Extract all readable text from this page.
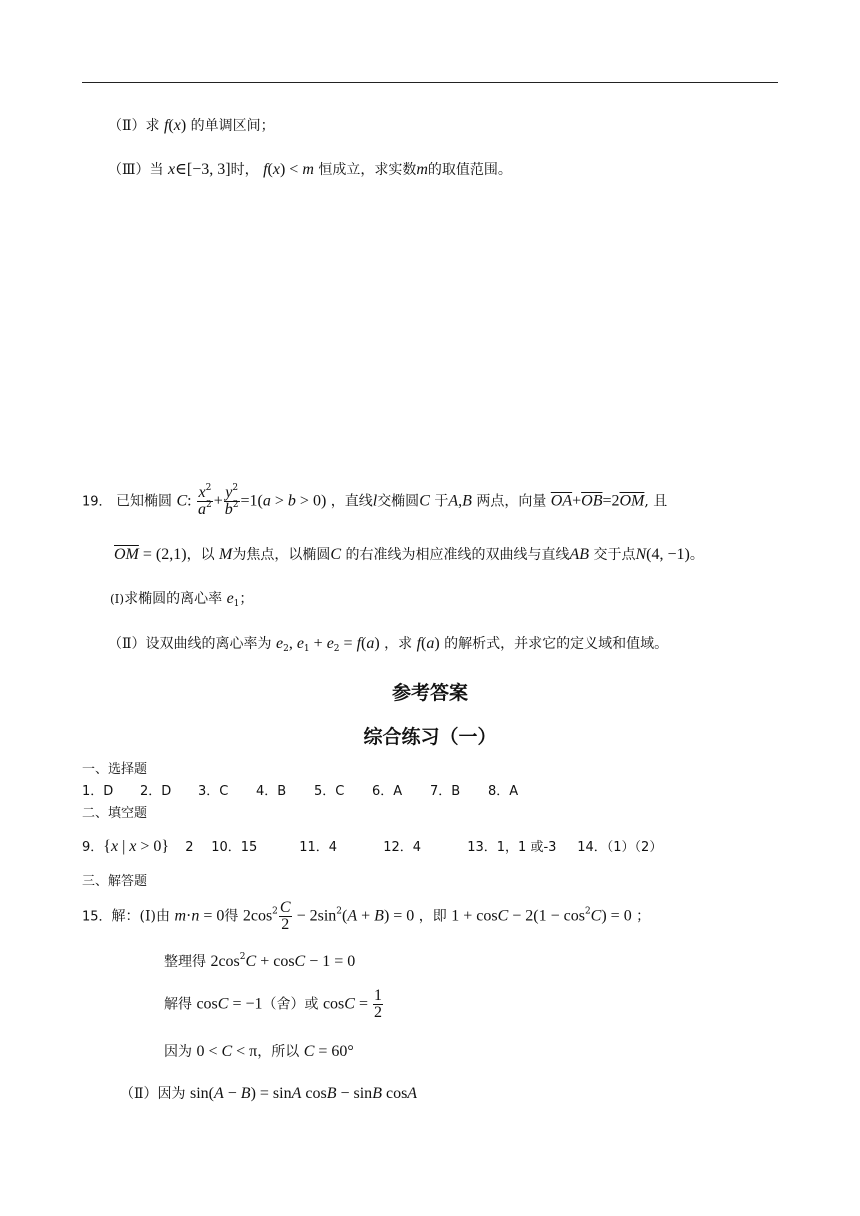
（Ⅱ）求 f(x) 的单调区间；
（Ⅲ）当 x∈[−3, 3]时， f(x) < m 恒成立，求实数m的取值范围。
19． 已知椭圆 C: $\frac{x^2}{a^2} + \frac{y^2}{b^2} =1(a > b > 0)$ ，直线l交椭圆C 于A,B 两点，向量 $\overline{OA}+\overline{OB}=2\overline{OM}$, 且
$\overline{OM} = (2,1)$，以 M为焦点，以椭圆C 的右准线为相应准线的双曲线与直线AB 交于点N(4, −1)。
(Ⅰ)求椭圆的离心率 $e_1$；
（Ⅱ）设双曲线的离心率为 $e_2$, $e_1 + e_2 = f(a)$ ，求 f(a) 的解析式，并求它的定义域和值域。
参考答案
综合练习（一）
一、选择题
1．D 2．D 3．C 4．B 5．C 6．A 7．B 8．A
二、填空题
9．{x | x > 0} 2 10．15	11．4	12．4	13．1，1 或-3 14．（1）（2）
三、解答题
15．解：(Ⅰ)由 m·n = 0得 $2\cos^2 \frac{C}{2} - 2\sin^2(A + B) = 0$ ，即 $1 + \cos C - 2(1 - \cos^2C) = 0$ ；
整理得 $2\cos^2C + \cos C - 1 = 0$
解得 cosC = −1（舍）或 $\cos C = \frac{1}{2}$
因为 0 < C < π，所以 C = 60°
（Ⅱ）因为 sin(A − B) = sinA cosB − sinB cosA
